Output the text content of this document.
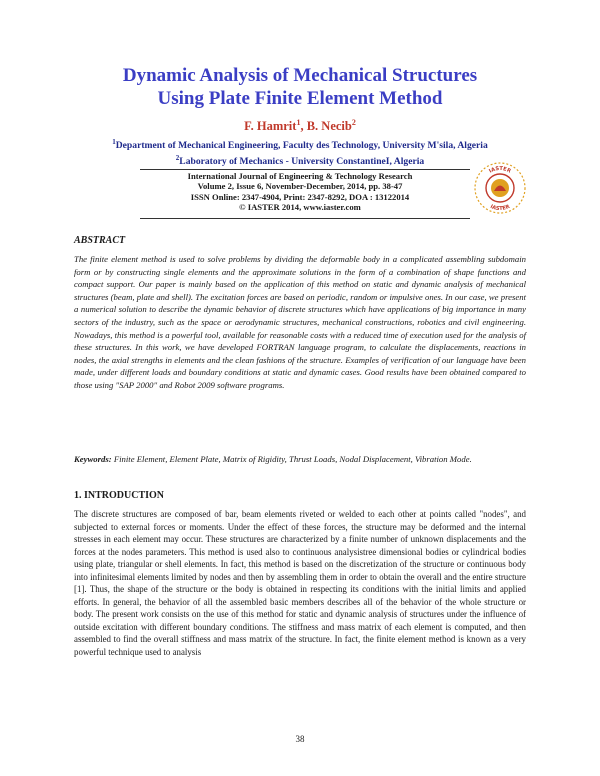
Dynamic Analysis of Mechanical Structures
Using Plate Finite Element Method
F. Hamrit$^1$, B. Necib$^2$
$^1$Department of Mechanical Engineering, Faculty des Technology, University M'sila, Algeria
$^2$Laboratory of Mechanics - University ConstantineI, Algeria
International Journal of Engineering & Technology Research
Volume 2, Issue 6, November-December, 2014, pp. 38-47
ISSN Online: 2347-4904, Print: 2347-8292, DOA : 13122014
© IASTER 2014, www.iaster.com
IASTER
IASTER
ABSTRACT
The finite element method is used to solve problems by dividing the deformable body in a complicated assembling subdomain form or by constructing single elements and the approximate solutions in the form of a combination of shape functions and compact support. Our paper is mainly based on the application of this method on static and dynamic analysis of mechanical structures (beam, plate and shell). The excitation forces are based on periodic, random or impulsive ones. In our case, we present a numerical solution to describe the dynamic behavior of discrete structures which have applications of big importance in many sectors of the industry, such as the space or aerodynamic structures, mechanical constructions, robotics and civil engineering. Nowadays, this method is a powerful tool, available for reasonable costs with a reduced time of execution used for the analysis of these structures. In this work, we have developed FORTRAN language program, to calculate the displacements, reactions in nodes, the axial strengths in elements and the clean fashions of the structure. Examples of verification of our language have been made, under different loads and boundary conditions at static and dynamic cases. Good results have been obtained compared to those using "SAP 2000" and Robot 2009 software programs.
Keywords: Finite Element, Element Plate, Matrix of Rigidity, Thrust Loads, Nodal Displacement, Vibration Mode.
1. INTRODUCTION
The discrete structures are composed of bar, beam elements riveted or welded to each other at points called "nodes", and subjected to external forces or moments. Under the effect of these forces, the structure may be deformed and the internal stresses in each element may occur. These structures are characterized by a finite number of unknown displacements and the forces at the nodes parameters. This method is used also to continuous analysistree dimensional bodies or cylindrical bodies using plate, triangular or shell elements. In fact, this method is based on the discretization of the structure or continuous body into infinitesimal elements limited by nodes and then by assembling them in order to obtain the overall and the entire structure [1]. Thus, the shape of the structure or the body is obtained in respecting its conditions with the initial limits and applied efforts. In general, the behavior of all the assembled basic members describes all of the behavior of the whole structure or body. The present work consists on the use of this method for static and dynamic analysis of structures under the influence of outside excitation with different boundary conditions. The stiffness and mass matrix of each element is computed, and then assembled to find the overall stiffness and mass matrix of the structure. In fact, the finite element method is known as a very powerful technique used to analysis
38
